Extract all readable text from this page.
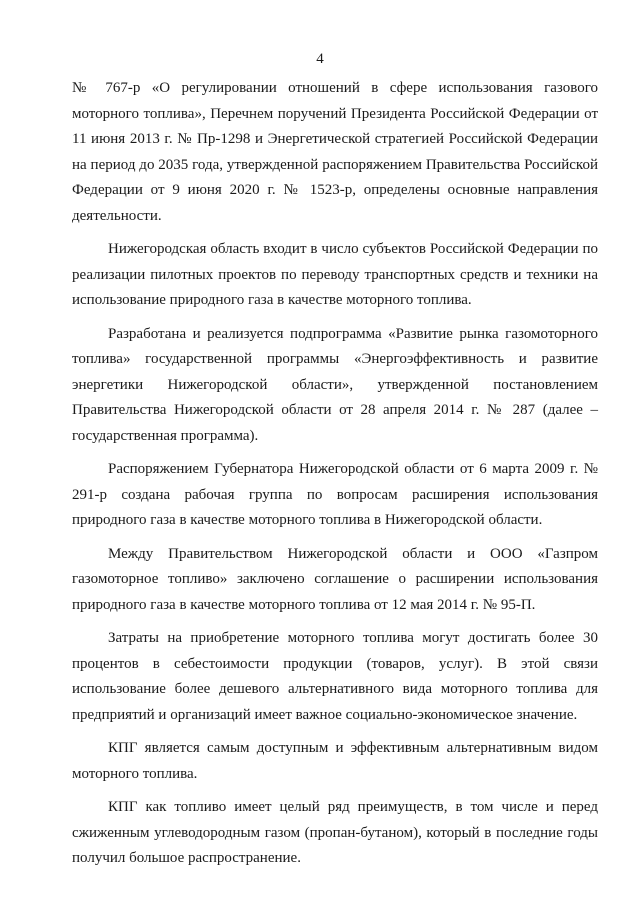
4

№ 767-р «О регулировании отношений в сфере использования газового моторного топлива», Перечнем поручений Президента Российской Федерации от 11 июня 2013 г. № Пр-1298 и Энергетической стратегией Российской Федерации на период до 2035 года, утвержденной распоряжением Правительства Российской Федерации от 9 июня 2020 г. № 1523-р, определены основные направления деятельности.

Нижегородская область входит в число субъектов Российской Федерации по реализации пилотных проектов по переводу транспортных средств и техники на использование природного газа в качестве моторного топлива.

Разработана и реализуется подпрограмма «Развитие рынка газомоторного топлива» государственной программы «Энергоэффективность и развитие энергетики Нижегородской области», утвержденной постановлением Правительства Нижегородской области от 28 апреля 2014 г. № 287 (далее – государственная программа).

Распоряжением Губернатора Нижегородской области от 6 марта 2009 г. № 291-р создана рабочая группа по вопросам расширения использования природного газа в качестве моторного топлива в Нижегородской области.

Между Правительством Нижегородской области и ООО «Газпром газомоторное топливо» заключено соглашение о расширении использования природного газа в качестве моторного топлива от 12 мая 2014 г. № 95-П.

Затраты на приобретение моторного топлива могут достигать более 30 процентов в себестоимости продукции (товаров, услуг). В этой связи использование более дешевого альтернативного вида моторного топлива для предприятий и организаций имеет важное социально-экономическое значение.

КПГ является самым доступным и эффективным альтернативным видом моторного топлива.

КПГ как топливо имеет целый ряд преимуществ, в том числе и перед сжиженным углеводородным газом (пропан-бутаном), который в последние годы получил большое распространение.
